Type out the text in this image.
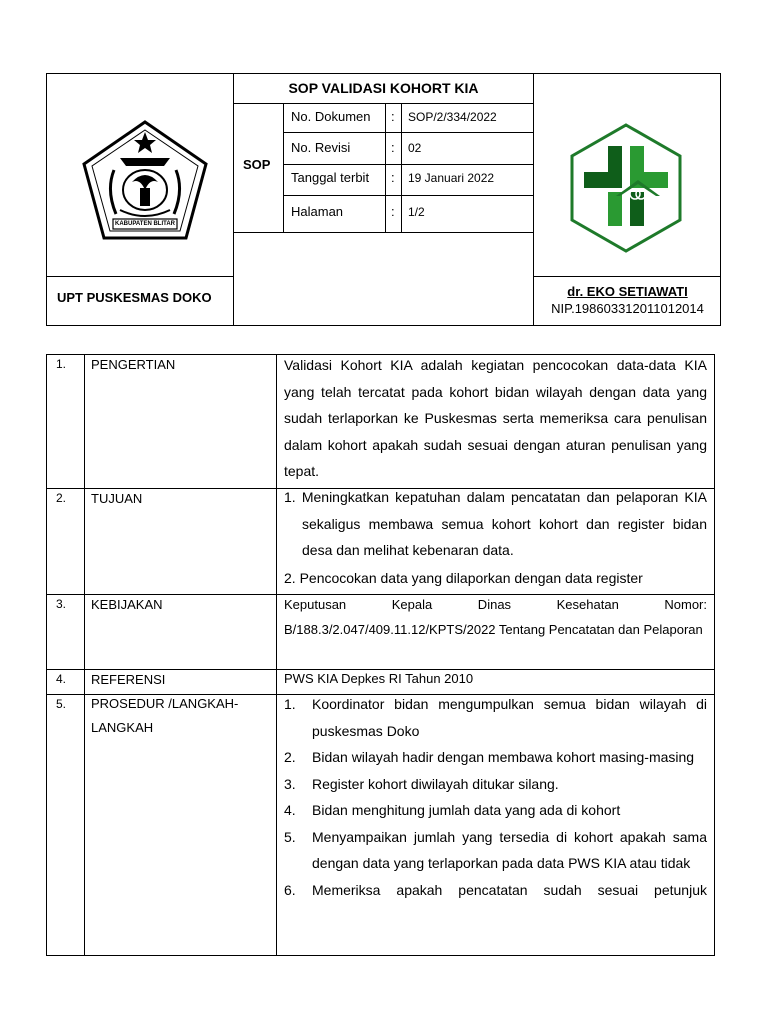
SOP VALIDASI KOHORT KIA
SOP
No. Dokumen : SOP/2/334/2022
No. Revisi	: 02
Tanggal terbit : 19 Januari 2022
Halaman	: 1/2
KABUPATEN BLITAR
UPT PUSKESMAS DOKO	dr. EKO SETIAWATI
NIP.198603312011012014
1. PENGERTIAN	Validasi Kohort KIA adalah kegiatan pencocokan data-data KIA yang telah tercatat pada kohort bidan wilayah dengan data yang sudah terlaporkan ke Puskesmas serta memeriksa cara penulisan dalam kohort apakah sudah sesuai dengan aturan penulisan yang tepat.
2. TUJUAN	1. Meningkatkan kepatuhan dalam pencatatan dan pelaporan KIA sekaligus membawa semua kohort kohort dan register bidan desa dan melihat kebenaran data.
2. Pencocokan data yang dilaporkan dengan data register
3. KEBIJAKAN	Keputusan Kepala Dinas Kesehatan Nomor: B/188.3/2.047/409.11.12/KPTS/2022 Tentang Pencatatan dan Pelaporan
4. REFERENSI	PWS KIA Depkes RI Tahun 2010
5. PROSEDUR /LANGKAH-LANGKAH
1. Koordinator bidan mengumpulkan semua bidan wilayah di puskesmas Doko
2. Bidan wilayah hadir dengan membawa kohort masing-masing
3. Register kohort diwilayah ditukar silang.
4. Bidan menghitung jumlah data yang ada di kohort
5. Menyampaikan jumlah yang tersedia di kohort apakah sama dengan data yang terlaporkan pada data PWS KIA atau tidak
6. Memeriksa apakah pencatatan sudah sesuai petunjuk
